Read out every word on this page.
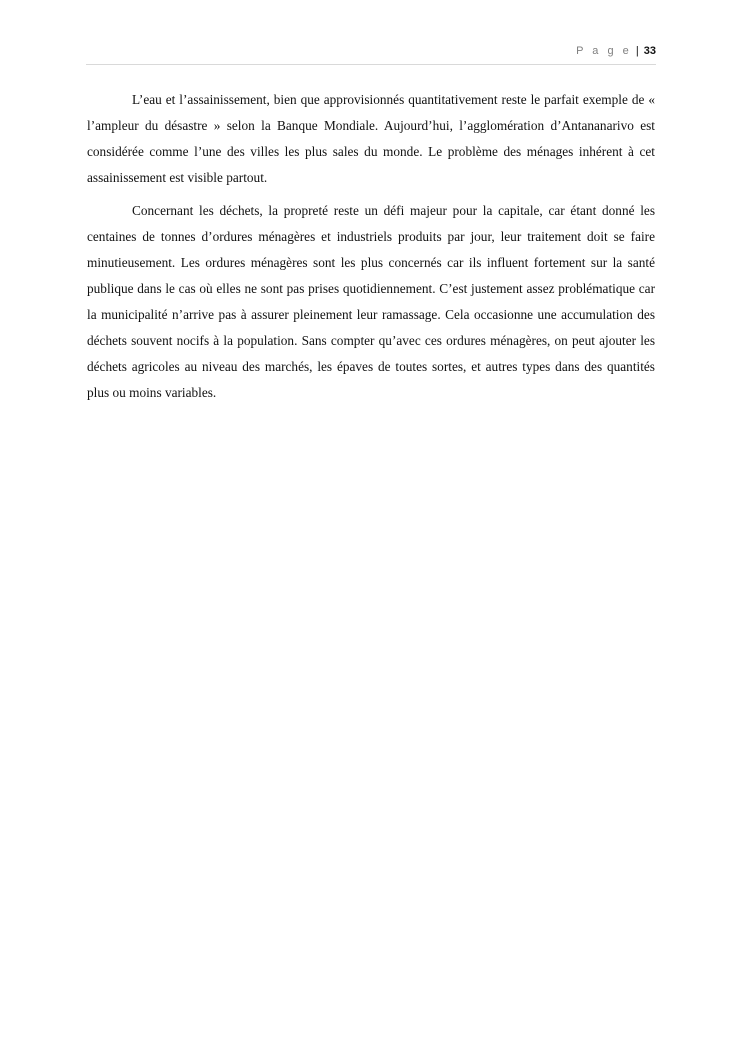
P a g e | 33

L’eau et l’assainissement, bien que approvisionnés quantitativement reste le parfait exemple de « l’ampleur du désastre » selon la Banque Mondiale. Aujourd’hui, l’agglomération d’Antananarivo est considérée comme l’une des villes les plus sales du monde. Le problème des ménages inhérent à cet assainissement est visible partout.

Concernant les déchets, la propreté reste un défi majeur pour la capitale, car étant donné les centaines de tonnes d’ordures ménagères et industriels produits par jour, leur traitement doit se faire minutieusement. Les ordures ménagères sont les plus concernés car ils influent fortement sur la santé publique dans le cas où elles ne sont pas prises quotidiennement. C’est justement assez problématique car la municipalité n’arrive pas à assurer pleinement leur ramassage. Cela occasionne une accumulation des déchets souvent nocifs à la population. Sans compter qu’avec ces ordures ménagères, on peut ajouter les déchets agricoles au niveau des marchés, les épaves de toutes sortes, et autres types dans des quantités plus ou moins variables.
